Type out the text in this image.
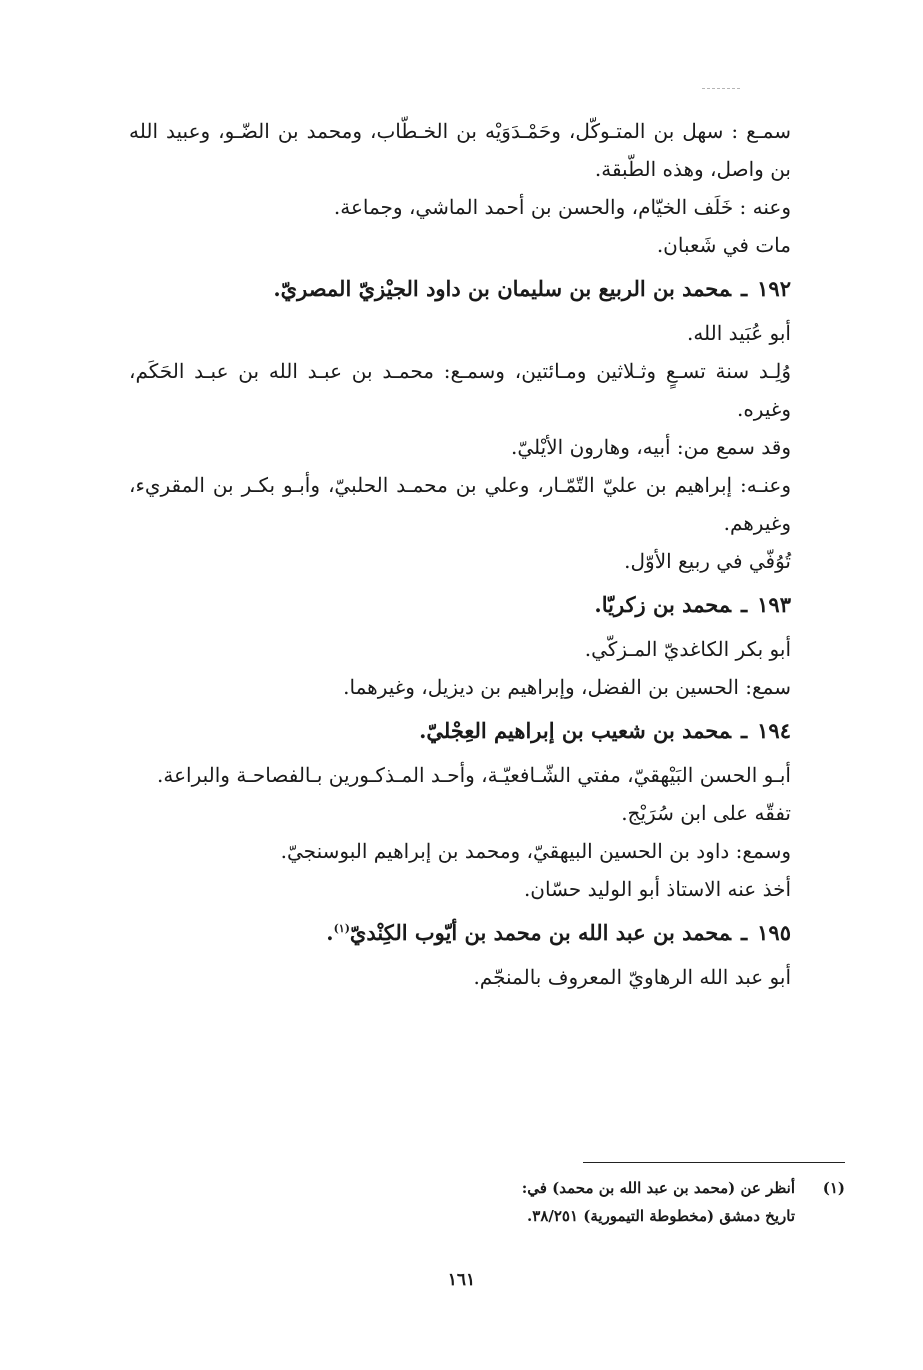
سمـع : سهل بن المتـوكّل، وحَمْـدَوَيْه بن الخـطّاب، ومحمد بن الضّـو، وعبيد الله بن واصل، وهذه الطّبقة.

وعنه : خَلَف الخيّام، والحسن بن أحمد الماشي، وجماعة.

مات في شَعبان.

١٩٢ـمحمد بن الربيع بن سليمان بن داود الجيْزيّ المصريّ.

أبو عُبَيد الله.

وُلِـد سنة تسـعٍ وثـلاثين ومـائتين، وسمـع: محمـد بن عبـد الله بن عبـد الحَكَم، وغيره.

وقد سمع من: أبيه، وهارون الأيْليّ.

وعنـه: إبراهيم بن عليّ التّمّـار، وعلي بن محمـد الحلبيّ، وأبـو بكـر بن المقريء، وغيرهم.

تُوُفّي في ربيع الأوّل.

١٩٣ـمحمد بن زكريّا.

أبو بكر الكاغديّ المـزكّي.

سمع: الحسين بن الفضل، وإبراهيم بن ديزيل، وغيرهما.

١٩٤ـمحمد بن شعيب بن إبراهيم العِجْليّ.

أبـو الحسن البَيْهقيّ، مفتي الشّـافعيّـة، وأحـد المـذكـورين بـالفصاحـة والبراعة.

تفقّه على ابن سُرَيْج.

وسمع: داود بن الحسين البيهقيّ، ومحمد بن إبراهيم البوسنجيّ.

أخذ عنه الاستاذ أبو الوليد حسّان.

١٩٥ـمحمد بن عبد الله بن محمد بن أيّوب الكِنْديّ$^{(١)}$.

أبو عبد الله الرهاويّ المعروف بالمنجّم.

(١)
أنظر عن (محمد بن عبد الله بن محمد) في:
تاريخ دمشق (مخطوطة التيمورية) ٣٨/٢٥١.
١٦١
